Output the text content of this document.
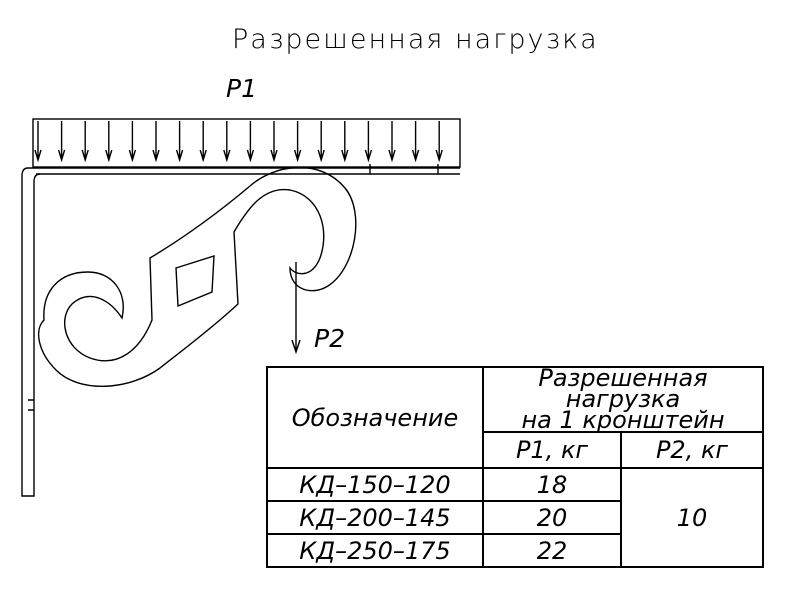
Разрешенная нагрузка
P1
P2
Обозначение	Разрешенная нагрузка
на 1 кронштейн	
	P1, кг	P2, кг
КД–150–120	18	10
КД–200–145	20	
КД–250–175	22	
